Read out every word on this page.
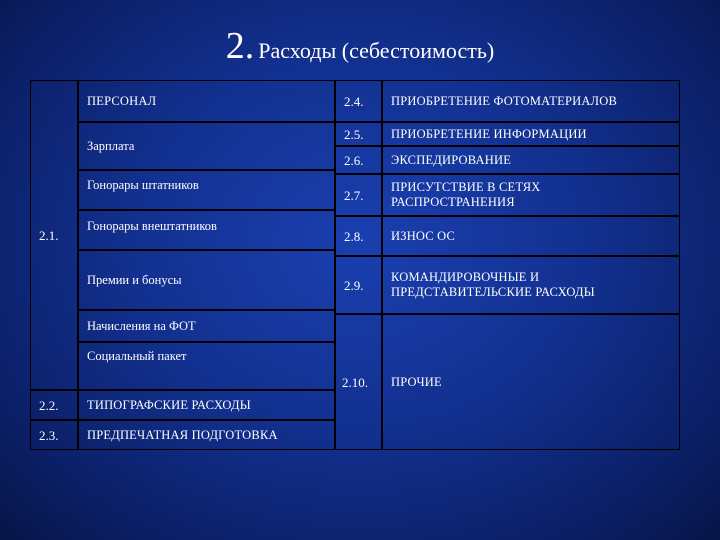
2. Расходы (себестоимость)
2.1.
ПЕРСОНАЛ
Зарплата
Гонорары штатников
Гонорары внештатников
Премии и бонусы
Начисления на ФОТ
Социальный пакет
2.2. ТИПОГРАФСКИЕ РАСХОДЫ
2.3. ПРЕДПЕЧАТНАЯ ПОДГОТОВКА
2.4. ПРИОБРЕТЕНИЕ ФОТОМАТЕРИАЛОВ
2.5. ПРИОБРЕТЕНИЕ ИНФОРМАЦИИ
2.6. ЭКСПЕДИРОВАНИЕ
2.7.
ПРИСУТСТВИЕ В СЕТЯХ РАСПРОСТРАНЕНИЯ
2.8. ИЗНОС ОС
2.9.
КОМАНДИРОВОЧНЫЕ И ПРЕДСТАВИТЕЛЬСКИЕ РАСХОДЫ
2.10. ПРОЧИЕ
